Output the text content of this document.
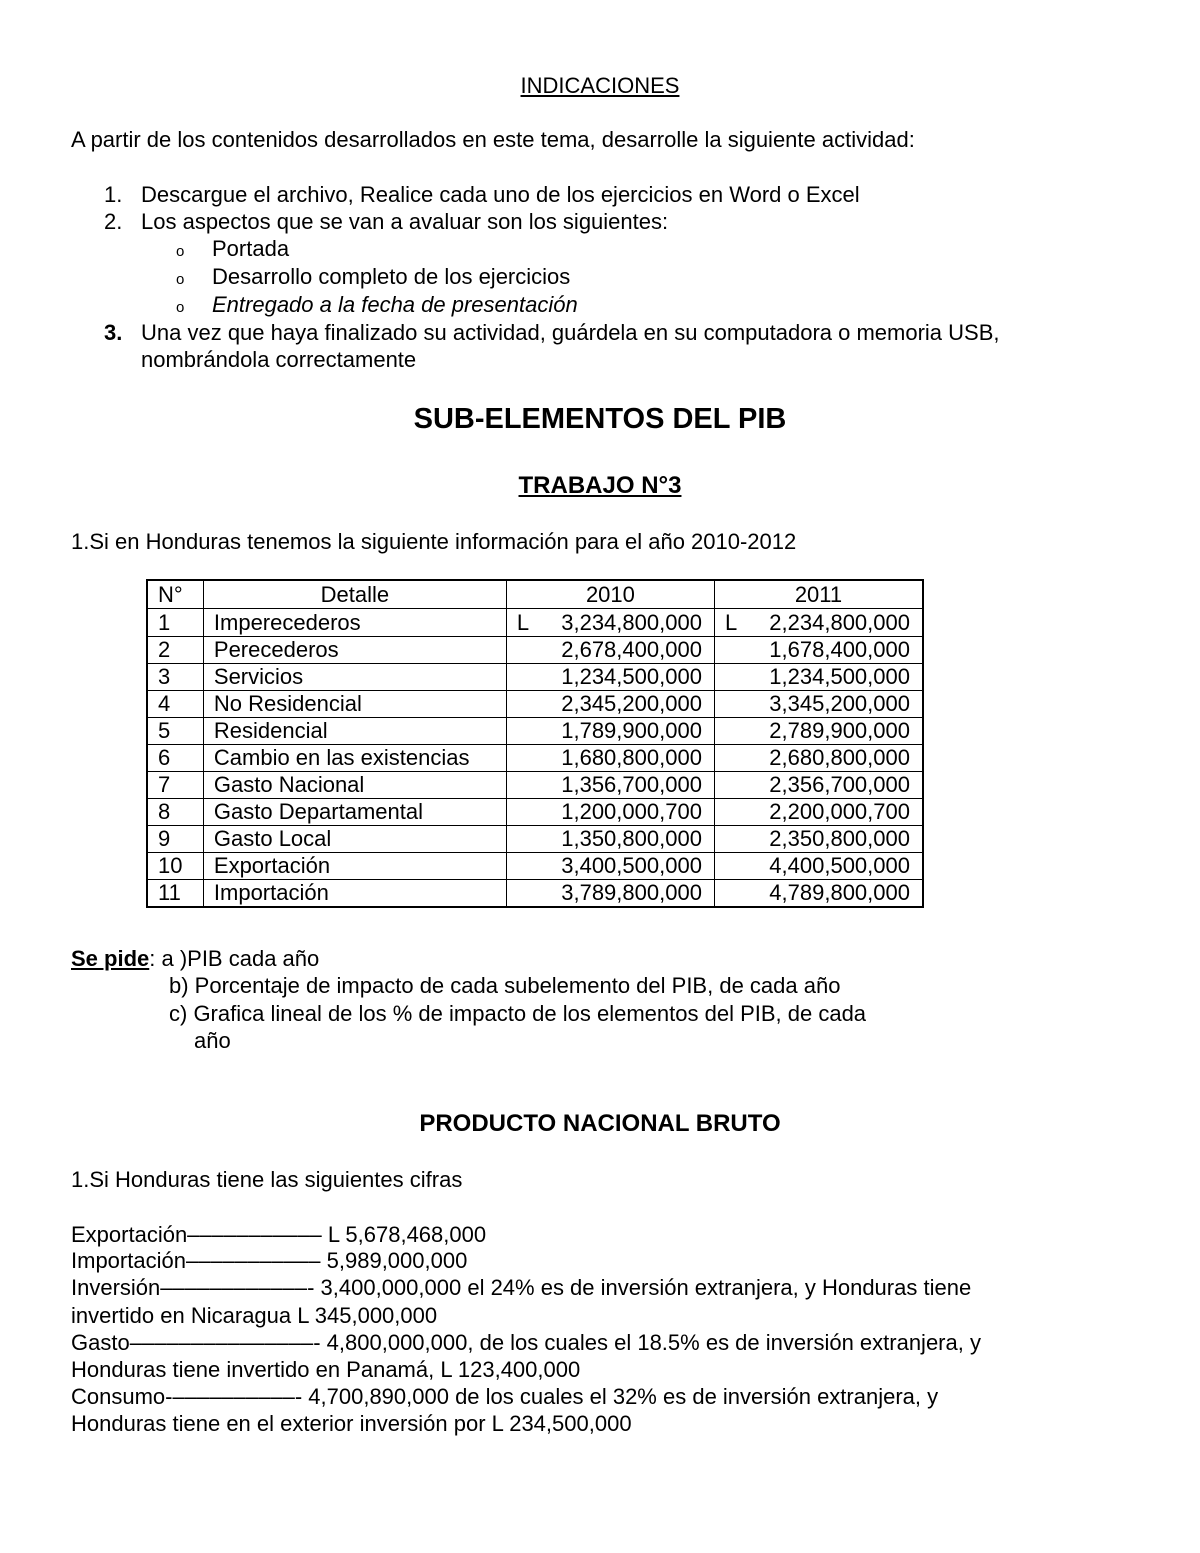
INDICACIONES
A partir de los contenidos desarrollados en este tema, desarrolle la siguiente actividad:
1. Descargue el archivo, Realice cada uno de los ejercicios en Word o Excel
2. Los aspectos que se van a avaluar son los siguientes:
o Portada
o Desarrollo completo de los ejercicios
o Entregado a la fecha de presentación
3. Una vez que haya finalizado su actividad, guárdela en su computadora o memoria USB,
nombrándola correctamente
SUB-ELEMENTOS DEL PIB
TRABAJO N°3
1.Si en Honduras tenemos la siguiente información para el año 2010-2012
N°	Detalle	2010	2011
1	Imperecederos	L 3,234,800,000	L 2,234,800,000
2	Perecederos	2,678,400,000	1,678,400,000
3	Servicios	1,234,500,000	1,234,500,000
4	No Residencial	2,345,200,000	3,345,200,000
5	Residencial	1,789,900,000	2,789,900,000
6	Cambio en las existencias	1,680,800,000	2,680,800,000
7	Gasto Nacional	1,356,700,000	2,356,700,000
8	Gasto Departamental	1,200,000,700	2,200,000,700
9	Gasto Local	1,350,800,000	2,350,800,000
10	Exportación	3,400,500,000	4,400,500,000
11	Importación	3,789,800,000	4,789,800,000
Se pide: a )PIB cada año
b) Porcentaje de impacto de cada subelemento del PIB, de cada año
c) Grafica lineal de los % de impacto de los elementos del PIB, de cada
año
PRODUCTO NACIONAL BRUTO
1.Si Honduras tiene las siguientes cifras
Exportación––––––––––– L 5,678,468,000
Importación––––––––––– 5,989,000,000
Inversión––––––––––––- 3,400,000,000 el 24% es de inversión extranjera, y Honduras tiene
invertido en Nicaragua L 345,000,000
Gasto–––––––––––––––- 4,800,000,000, de los cuales el 18.5% es de inversión extranjera, y
Honduras tiene invertido en Panamá, L 123,400,000
Consumo-––––––––––- 4,700,890,000 de los cuales el 32% es de inversión extranjera, y
Honduras tiene en el exterior inversión por L 234,500,000
